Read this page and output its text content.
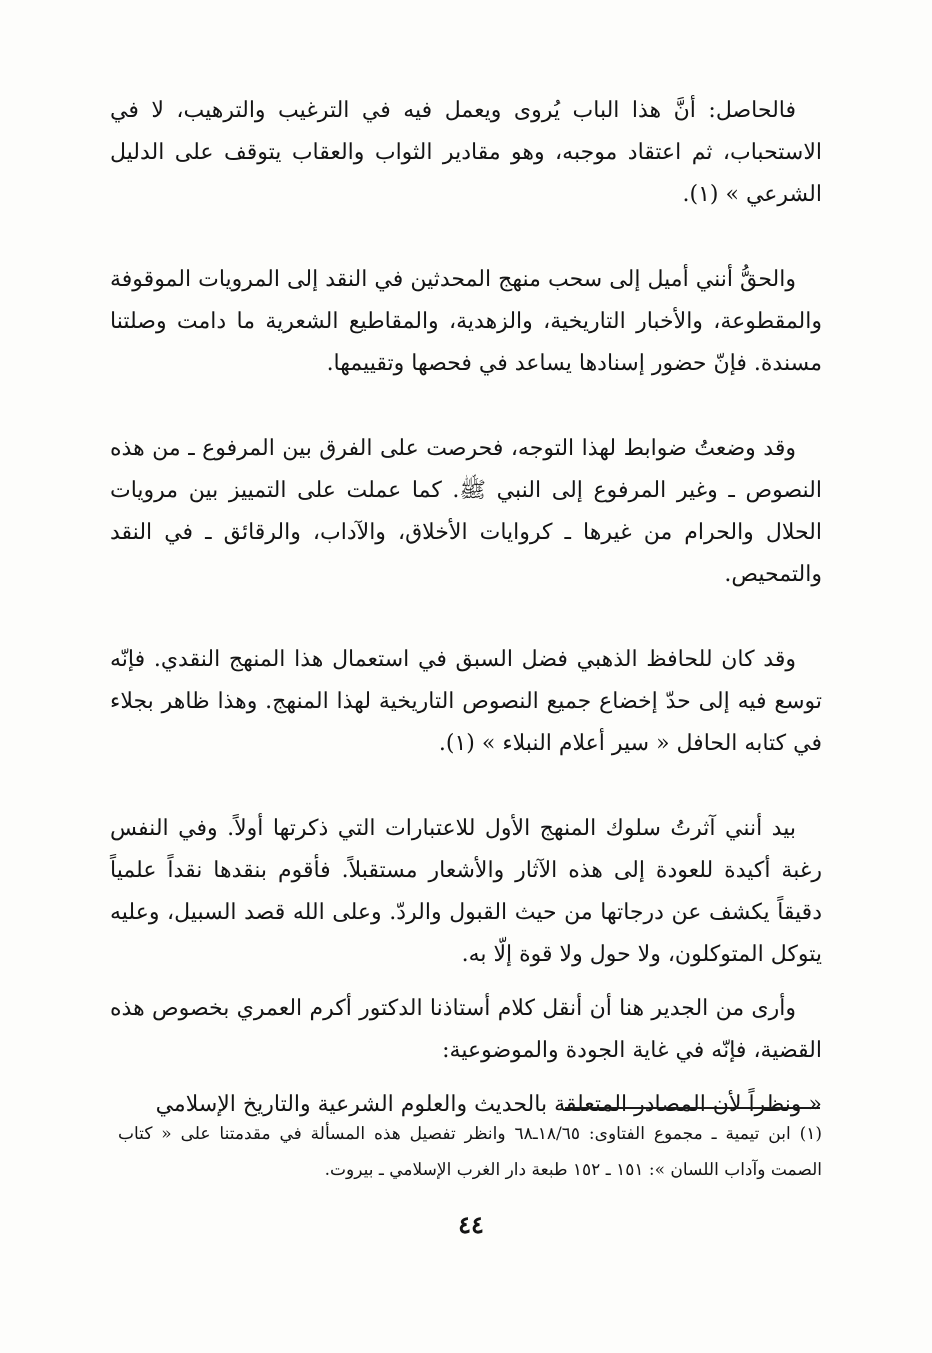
فالحاصل: أنَّ هذا الباب يُروى ويعمل فيه في الترغيب والترهيب، لا في الاستحباب، ثم اعتقاد موجبه، وهو مقادير الثواب والعقاب يتوقف على الدليل الشرعي » (١).

والحقُّ أنني أميل إلى سحب منهج المحدثين في النقد إلى المرويات الموقوفة والمقطوعة، والأخبار التاريخية، والزهدية، والمقاطيع الشعرية ما دامت وصلتنا مسندة. فإنّ حضور إسنادها يساعد في فحصها وتقييمها.

وقد وضعتُ ضوابط لهذا التوجه، فحرصت على الفرق بين المرفوع ـ من هذه النصوص ـ وغير المرفوع إلى النبي ﷺ. كما عملت على التمييز بين مرويات الحلال والحرام من غيرها ـ كروايات الأخلاق، والآداب، والرقائق ـ في النقد والتمحيص.

وقد كان للحافظ الذهبي فضل السبق في استعمال هذا المنهج النقدي. فإنّه توسع فيه إلى حدّ إخضاع جميع النصوص التاريخية لهذا المنهج. وهذا ظاهر بجلاء في كتابه الحافل « سير أعلام النبلاء » (١).

بيد أنني آثرتُ سلوك المنهج الأول للاعتبارات التي ذكرتها أولاً. وفي النفس رغبة أكيدة للعودة إلى هذه الآثار والأشعار مستقبلاً. فأقوم بنقدها نقداً علمياً دقيقاً يكشف عن درجاتها من حيث القبول والردّ. وعلى الله قصد السبيل، وعليه يتوكل المتوكلون، ولا حول ولا قوة إلّا به.

وأرى من الجدير هنا أن أنقل كلام أستاذنا الدكتور أكرم العمري بخصوص هذه القضية، فإنّه في غاية الجودة والموضوعية:

« ونظراً لأن المصادر المتعلقة بالحديث والعلوم الشرعية والتاريخ الإسلامي

(١) ابن تيمية ـ مجموع الفتاوى: ١٨/٦٥ـ٦٨ وانظر تفصيل هذه المسألة في مقدمتنا على « كتاب الصمت وآداب اللسان »: ١٥١ ـ ١٥٢ طبعة دار الغرب الإسلامي ـ بيروت.

٤٤
